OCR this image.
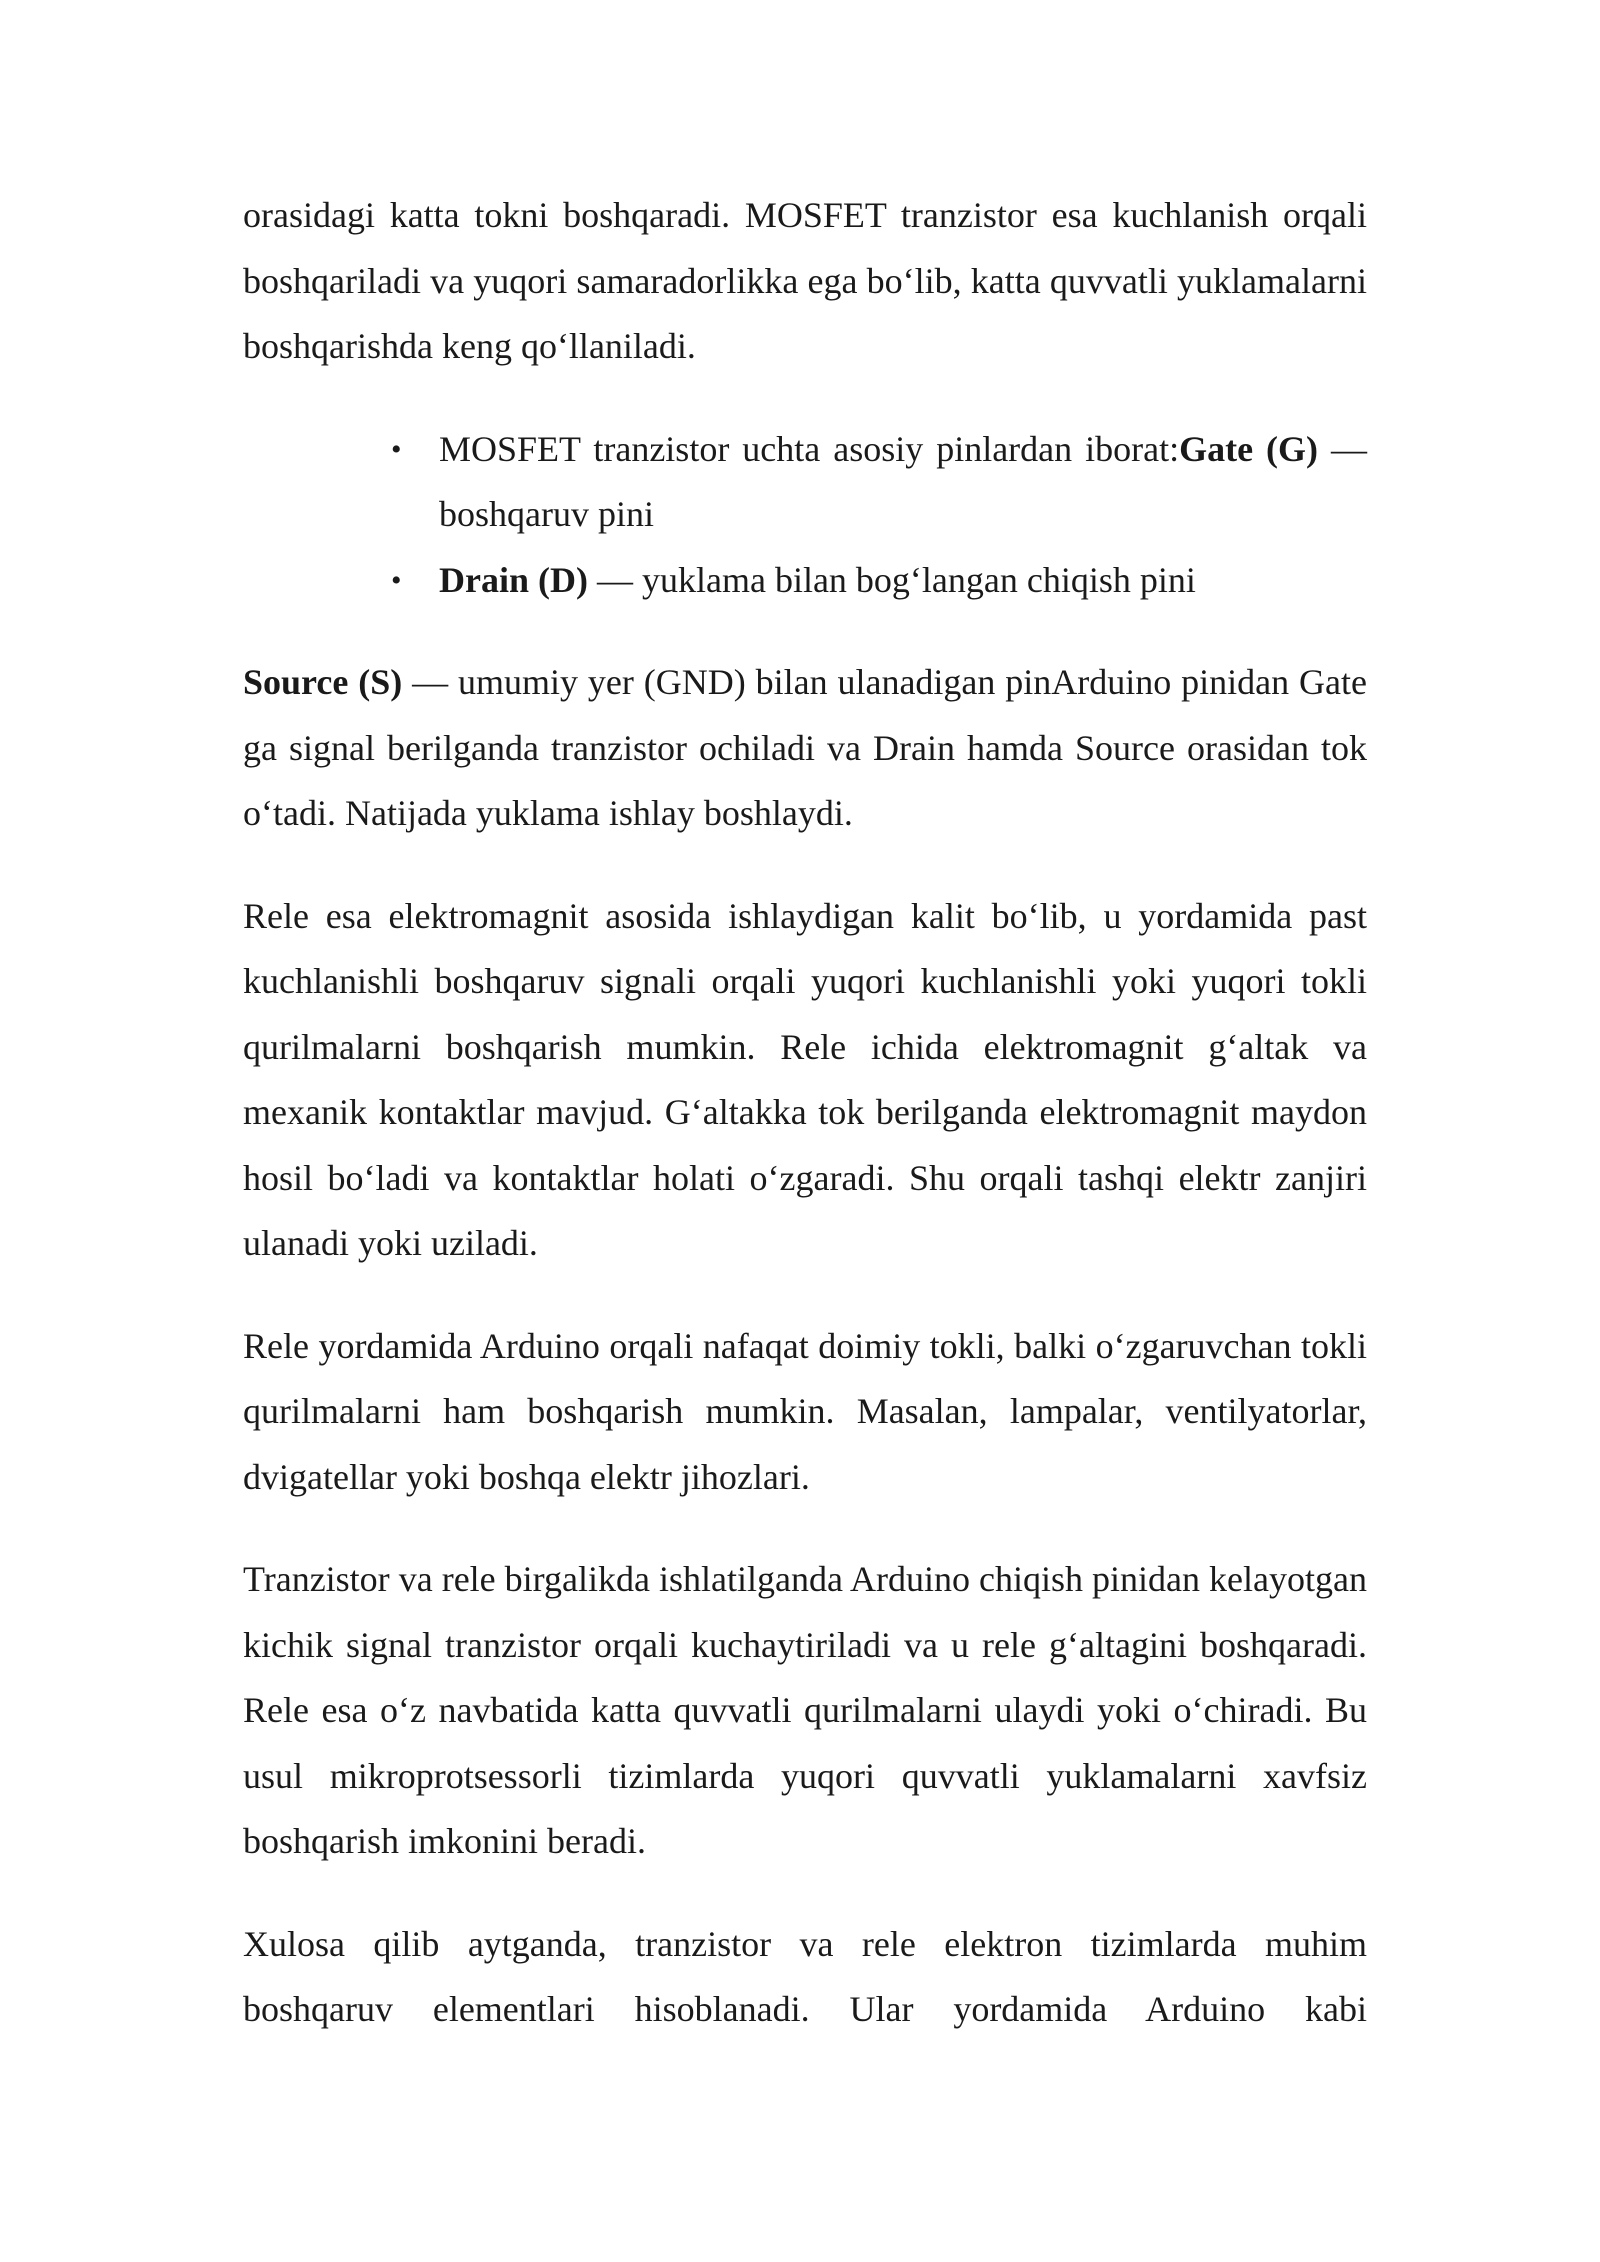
orasidagi katta tokni boshqaradi. MOSFET tranzistor esa kuchlanish orqali boshqariladi va yuqori samaradorlikka ega bo‘lib, katta quvvatli yuklamalarni boshqarishda keng qo‘llaniladi.

• MOSFET tranzistor uchta asosiy pinlardan iborat:Gate (G) — boshqaruv pini
• Drain (D) — yuklama bilan bog‘langan chiqish pini

Source (S) — umumiy yer (GND) bilan ulanadigan pinArduino pinidan Gate ga signal berilganda tranzistor ochiladi va Drain hamda Source orasidan tok o‘tadi. Natijada yuklama ishlay boshlaydi.

Rele esa elektromagnit asosida ishlaydigan kalit bo‘lib, u yordamida past kuchlanishli boshqaruv signali orqali yuqori kuchlanishli yoki yuqori tokli qurilmalarni boshqarish mumkin. Rele ichida elektromagnit g‘altak va mexanik kontaktlar mavjud. G‘altakka tok berilganda elektromagnit maydon hosil bo‘ladi va kontaktlar holati o‘zgaradi. Shu orqali tashqi elektr zanjiri ulanadi yoki uziladi.

Rele yordamida Arduino orqali nafaqat doimiy tokli, balki o‘zgaruvchan tokli qurilmalarni ham boshqarish mumkin. Masalan, lampalar, ventilyatorlar, dvigatellar yoki boshqa elektr jihozlari.

Tranzistor va rele birgalikda ishlatilganda Arduino chiqish pinidan kelayotgan kichik signal tranzistor orqali kuchaytiriladi va u rele g‘altagini boshqaradi. Rele esa o‘z navbatida katta quvvatli qurilmalarni ulaydi yoki o‘chiradi. Bu usul mikroprotsessorli tizimlarda yuqori quvvatli yuklamalarni xavfsiz boshqarish imkonini beradi.

Xulosa qilib aytganda, tranzistor va rele elektron tizimlarda muhim boshqaruv elementlari hisoblanadi. Ular yordamida Arduino kabi
